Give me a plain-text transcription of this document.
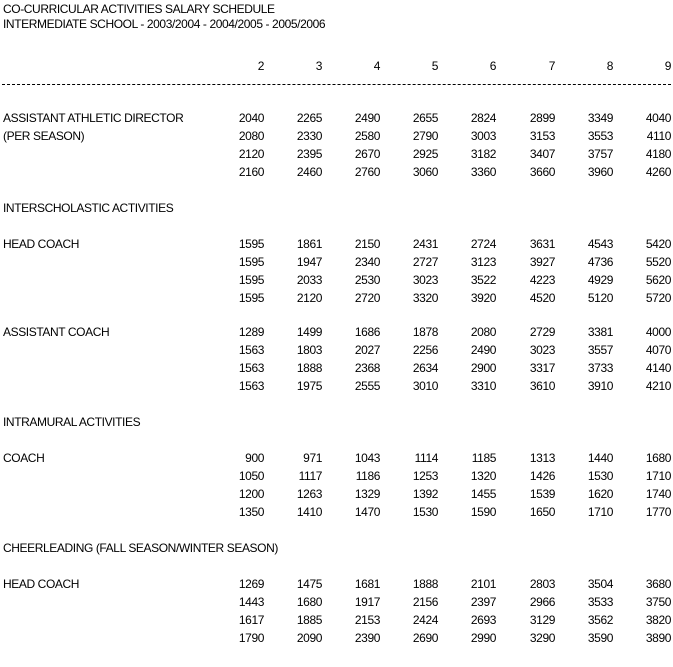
CO-CURRICULAR ACTIVITIES SALARY SCHEDULE
INTERMEDIATE SCHOOL - 2003/2004 - 2004/2005 - 2005/2006
2	3	4	5	6	7	8	9
ASSISTANT ATHLETIC DIRECTOR
(PER SEASON)
2040	2265	2490	2655	2824	2899	3349	4040
2080	2330	2580	2790	3003	3153	3553	4110
2120	2395	2670	2925	3182	3407	3757	4180
2160	2460	2760	3060	3360	3660	3960	4260
INTERSCHOLASTIC ACTIVITIES
HEAD COACH	1595	1861	2150	2431	2724	3631	4543	5420
1595	1947	2340	2727	3123	3927	4736	5520
1595	2033	2530	3023	3522	4223	4929	5620
1595	2120	2720	3320	3920	4520	5120	5720
ASSISTANT COACH	1289	1499	1686	1878	2080	2729	3381	4000
1563	1803	2027	2256	2490	3023	3557	4070
1563	1888	2368	2634	2900	3317	3733	4140
1563	1975	2555	3010	3310	3610	3910	4210
INTRAMURAL ACTIVITIES
COACH	900	971	1043	1114	1185	1313	1440	1680
1050	1117	1186	1253	1320	1426	1530	1710
1200	1263	1329	1392	1455	1539	1620	1740
1350	1410	1470	1530	1590	1650	1710	1770
CHEERLEADING (FALL SEASON/WINTER SEASON)
HEAD COACH	1269	1475	1681	1888	2101	2803	3504	3680
1443	1680	1917	2156	2397	2966	3533	3750
1617	1885	2153	2424	2693	3129	3562	3820
1790	2090	2390	2690	2990	3290	3590	3890
